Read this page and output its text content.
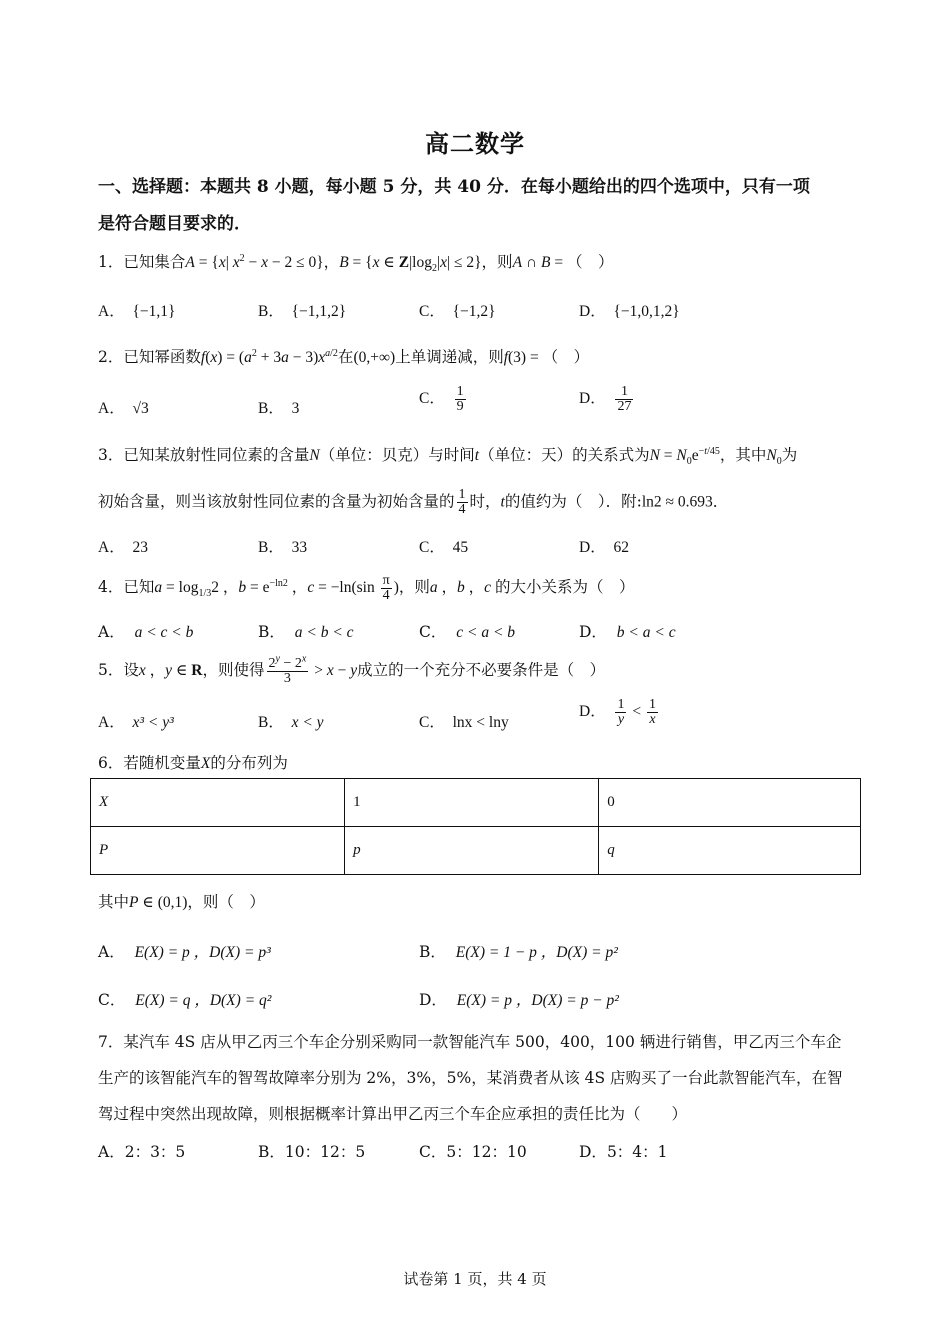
高二数学
一、选择题：本题共 8 小题，每小题 5 分，共 40 分．在每小题给出的四个选项中，只有一项
是符合题目要求的．
1．已知集合A = {x| $x^2 - x - 2 \le 0$}，B = {x ∈ $Z|\log_2|x| \le 2$}，则A ∩ B = （　）
A． {−1,1}	B． {−1,1,2}	C． {−1,2}	D． {−1,0,1,2}
2．已知幂函数$f(x) = (a^2 + 3a - 3)x^{a/2}$在(0,+∞)上单调递减，则f(3) = （　）
A． √3	B． 3
C． $\frac{1}{9}$	D． $\frac{1}{27}$
3．已知某放射性同位素的含量N（单位：贝克）与时间t（单位：天）的关系式为$N = N_0e^{-t/45}$，其中$N_0$为
初始含量，则当该放射性同位素的含量为初始含量的 $\frac{1}{4}$ 时，t的值约为（　）．附:ln2 ≈ 0.693．
A． 23	B． 33	C． 45	D． 62
4．已知$a = \log_{1/3}2$ ，$b = e^{-ln2}$ ，$c = -\ln(\sin \frac{\pi}{4}$ )，则a ，b ，c 的大小关系为（　）
A． a < c < b	B． a < b < c	C． c < a < b	D． b < a < c
5．设x ，y ∈ R，则使得 $\frac{2^y - 2^x}{3} > x - y$成立的一个充分不必要条件是（　）
A． x³ < y³	B． x < y	C． lnx < lny
D． $\frac{1}{y} < \frac{1}{x}$
6．若随机变量X的分布列为
X	1	0
P	p	q
其中P ∈ (0,1)，则（　）
A． E(X) = p ，D(X) = p³	B． E(X) = 1 − p ，D(X) = p²
C． E(X) = q ，D(X) = q²	D． E(X) = p ，D(X) = p − p²
7．某汽车 4S 店从甲乙丙三个车企分别采购同一款智能汽车 500，400，100 辆进行销售，甲乙丙三个车企
生产的该智能汽车的智驾故障率分别为 2%，3%，5%，某消费者从该 4S 店购买了一台此款智能汽车，在智
驾过程中突然出现故障，则根据概率计算出甲乙丙三个车企应承担的责任比为（　　）
A．2：3：5	B．10：12：5	C．5：12：10	D．5：4：1
试卷第 1 页，共 4 页
